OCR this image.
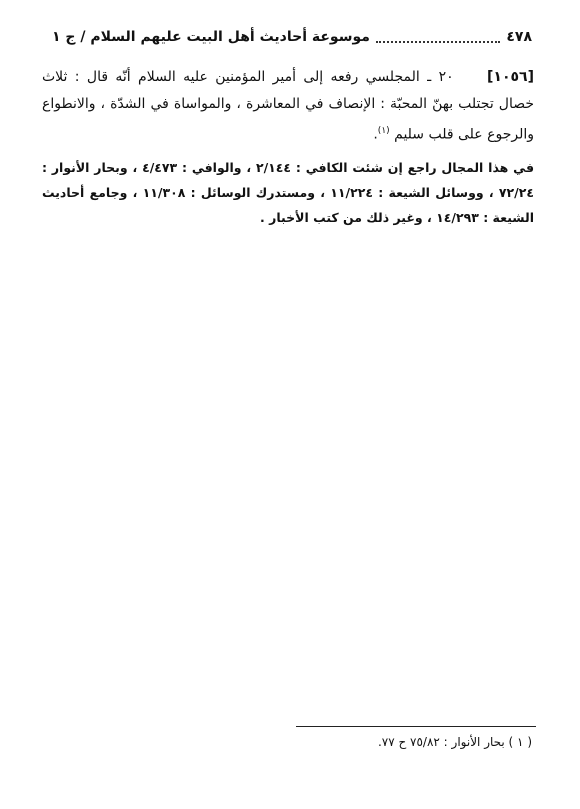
٤٧٨
موسوعة أحاديث أهل البيت عليهم السلام / ج ١

[١٠٥٦] ٢٠ ـ المجلسي رفعه إلى أمير المؤمنين عليه السلام أنّه قال : ثلاث خصال تجتلب بهنّ المحبّة : الإنصاف في المعاشرة ، والمواساة في الشدّة ، والانطواع والرجوع على قلب سليم $^{(١)}$.

في هذا المجال راجع إن شئت الكافي : ٢/١٤٤ ، والوافي : ٤/٤٧٣ ، وبحار الأنوار : ٧٢/٢٤ ، ووسائل الشيعة : ١١/٢٢٤ ، ومستدرك الوسائل : ١١/٣٠٨ ، وجامع أحاديث الشيعة : ١٤/٢٩٣ ، وغير ذلك من كتب الأخبار .

( ١ ) بحار الأنوار : ٧٥/٨٢ ح ٧٧.
